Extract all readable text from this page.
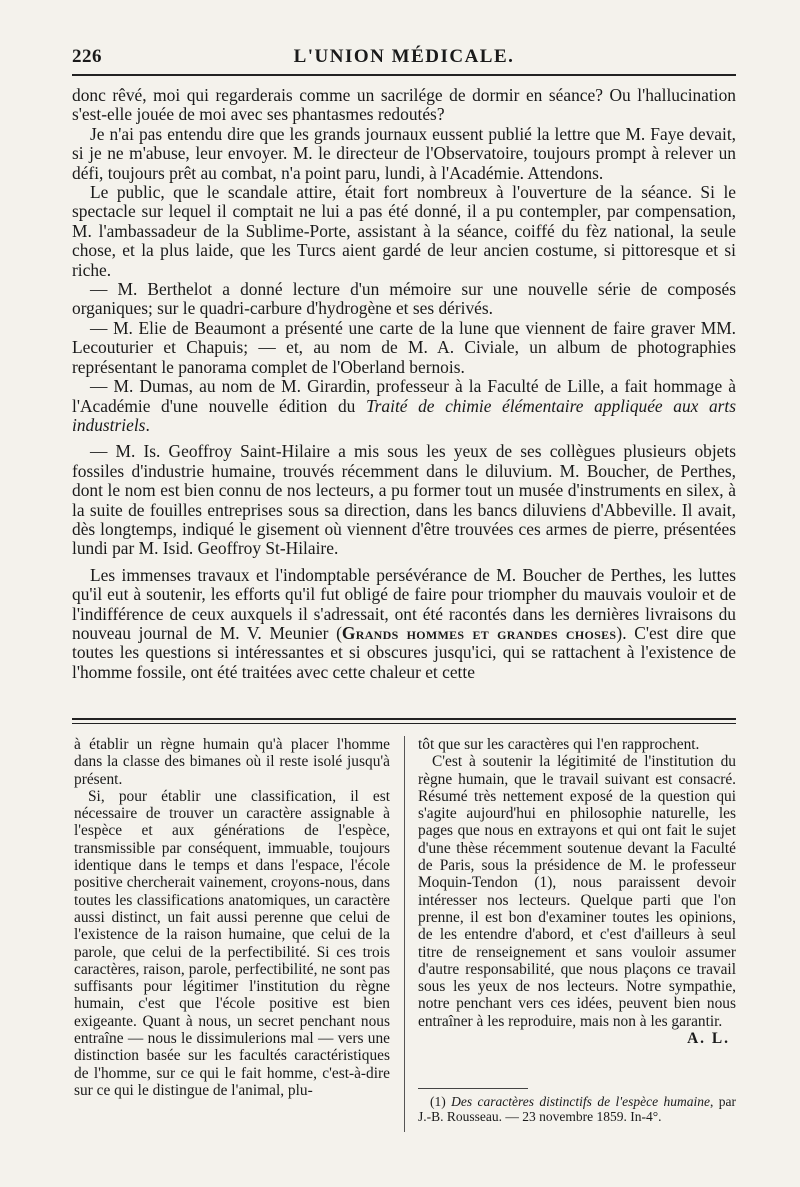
226	L'UNION MÉDICALE.

donc rêvé, moi qui regarderais comme un sacrilége de dormir en séance? Ou l'hallucination s'est-elle jouée de moi avec ses phantasmes redoutés?

Je n'ai pas entendu dire que les grands journaux eussent publié la lettre que M. Faye devait, si je ne m'abuse, leur envoyer. M. le directeur de l'Observatoire, toujours prompt à relever un défi, toujours prêt au combat, n'a point paru, lundi, à l'Académie. Attendons.

Le public, que le scandale attire, était fort nombreux à l'ouverture de la séance. Si le spectacle sur lequel il comptait ne lui a pas été donné, il a pu contempler, par compensation, M. l'ambassadeur de la Sublime-Porte, assistant à la séance, coiffé du fèz national, la seule chose, et la plus laide, que les Turcs aient gardé de leur ancien costume, si pittoresque et si riche.

— M. Berthelot a donné lecture d'un mémoire sur une nouvelle série de composés organiques; sur le quadri-carbure d'hydrogène et ses dérivés.

— M. Elie de Beaumont a présenté une carte de la lune que viennent de faire graver MM. Lecouturier et Chapuis; — et, au nom de M. A. Civiale, un album de photographies représentant le panorama complet de l'Oberland bernois.

— M. Dumas, au nom de M. Girardin, professeur à la Faculté de Lille, a fait hommage à l'Académie d'une nouvelle édition du Traité de chimie élémentaire appliquée aux arts industriels.

— M. Is. Geoffroy Saint-Hilaire a mis sous les yeux de ses collègues plusieurs objets fossiles d'industrie humaine, trouvés récemment dans le diluvium. M. Boucher, de Perthes, dont le nom est bien connu de nos lecteurs, a pu former tout un musée d'instruments en silex, à la suite de fouilles entreprises sous sa direction, dans les bancs diluviens d'Abbeville. Il avait, dès longtemps, indiqué le gisement où viennent d'être trouvées ces armes de pierre, présentées lundi par M. Isid. Geoffroy St-Hilaire.

Les immenses travaux et l'indomptable persévérance de M. Boucher de Perthes, les luttes qu'il eut à soutenir, les efforts qu'il fut obligé de faire pour triompher du mauvais vouloir et de l'indifférence de ceux auxquels il s'adressait, ont été racontés dans les dernières livraisons du nouveau journal de M. V. Meunier (Grands hommes et grandes choses). C'est dire que toutes les questions si intéressantes et si obscures jusqu'ici, qui se rattachent à l'existence de l'homme fossile, ont été traitées avec cette chaleur et cette

à établir un règne humain qu'à placer l'homme dans la classe des bimanes où il reste isolé jusqu'à présent.

Si, pour établir une classification, il est nécessaire de trouver un caractère assignable à l'espèce et aux générations de l'espèce, transmissible par conséquent, immuable, toujours identique dans le temps et dans l'espace, l'école positive chercherait vainement, croyons-nous, dans toutes les classifications anatomiques, un caractère aussi distinct, un fait aussi perenne que celui de l'existence de la raison humaine, que celui de la parole, que celui de la perfectibilité. Si ces trois caractères, raison, parole, perfectibilité, ne sont pas suffisants pour légitimer l'institution du règne humain, c'est que l'école positive est bien exigeante. Quant à nous, un secret penchant nous entraîne — nous le dissimulerions mal — vers une distinction basée sur les facultés caractéristiques de l'homme, sur ce qui le fait homme, c'est-à-dire sur ce qui le distingue de l'animal, plu-

tôt que sur les caractères qui l'en rapprochent.

C'est à soutenir la légitimité de l'institution du règne humain, que le travail suivant est consacré. Résumé très nettement exposé de la question qui s'agite aujourd'hui en philosophie naturelle, les pages que nous en extrayons et qui ont fait le sujet d'une thèse récemment soutenue devant la Faculté de Paris, sous la présidence de M. le professeur Moquin-Tendon (1), nous paraissent devoir intéresser nos lecteurs. Quelque parti que l'on prenne, il est bon d'examiner toutes les opinions, de les entendre d'abord, et c'est d'ailleurs à seul titre de renseignement et sans vouloir assumer d'autre responsabilité, que nous plaçons ce travail sous les yeux de nos lecteurs. Notre sympathie, notre penchant vers ces idées, peuvent bien nous entraîner à les reproduire, mais non à les garantir.

A. L.

(1) Des caractères distinctifs de l'espèce humaine, par J.-B. Rousseau. — 23 novembre 1859. In-4°.
